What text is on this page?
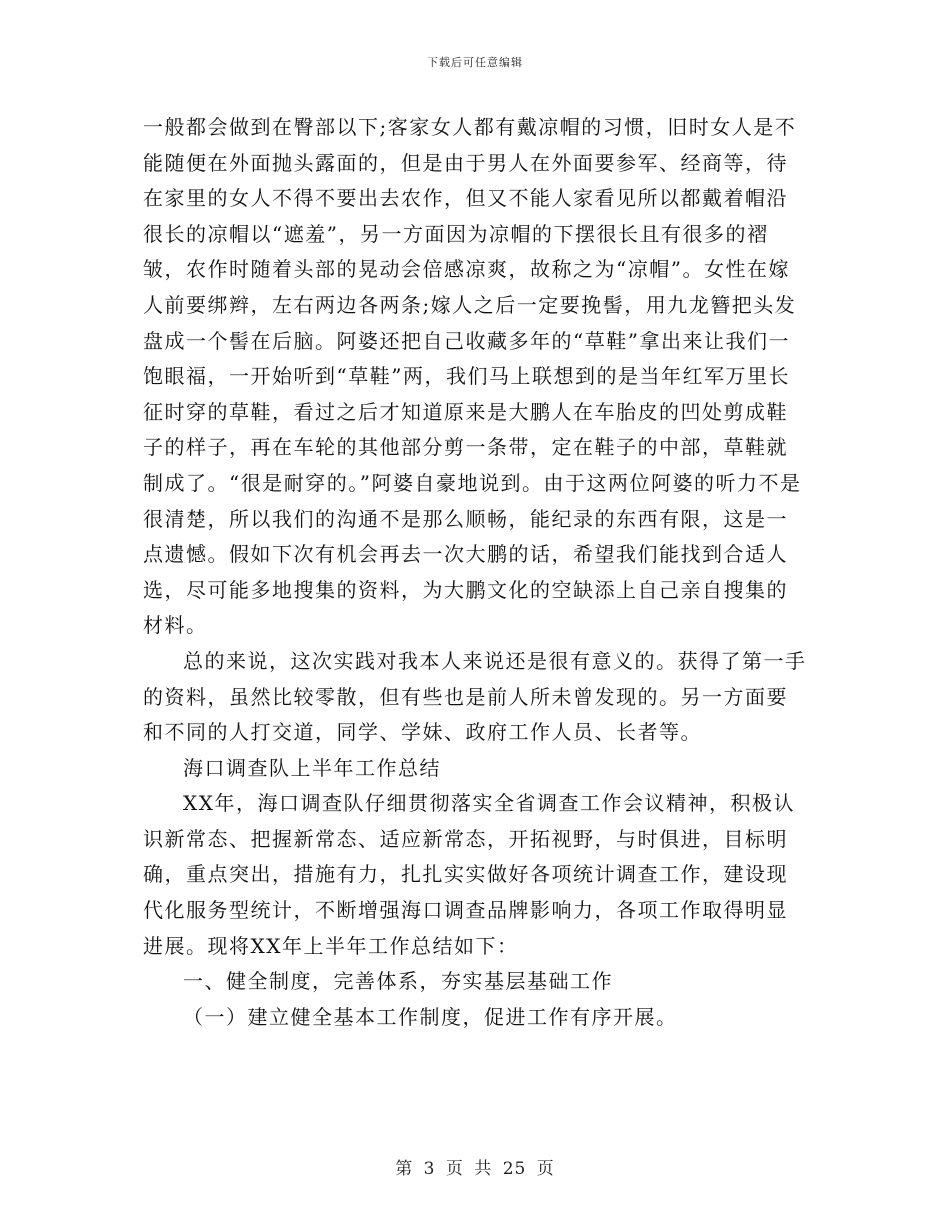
下载后可任意编辑

一般都会做到在臀部以下;客家女人都有戴凉帽的习惯，旧时女人是不能随便在外面抛头露面的，但是由于男人在外面要参军、经商等，待在家里的女人不得不要出去农作，但又不能人家看见所以都戴着帽沿很长的凉帽以“遮羞”，另一方面因为凉帽的下摆很长且有很多的褶皱，农作时随着头部的晃动会倍感凉爽，故称之为“凉帽”。女性在嫁人前要绑辫，左右两边各两条;嫁人之后一定要挽髻，用九龙簪把头发盘成一个髻在后脑。阿婆还把自己收藏多年的“草鞋”拿出来让我们一饱眼福，一开始听到“草鞋”两，我们马上联想到的是当年红军万里长征时穿的草鞋，看过之后才知道原来是大鹏人在车胎皮的凹处剪成鞋子的样子，再在车轮的其他部分剪一条带，定在鞋子的中部，草鞋就制成了。“很是耐穿的。”阿婆自豪地说到。由于这两位阿婆的听力不是很清楚，所以我们的沟通不是那么顺畅，能纪录的东西有限，这是一点遗憾。假如下次有机会再去一次大鹏的话，希望我们能找到合适人选，尽可能多地搜集的资料，为大鹏文化的空缺添上自己亲自搜集的材料。

总的来说，这次实践对我本人来说还是很有意义的。获得了第一手的资料，虽然比较零散，但有些也是前人所未曾发现的。另一方面要和不同的人打交道，同学、学妹、政府工作人员、长者等。

海口调查队上半年工作总结

XX年，海口调查队仔细贯彻落实全省调查工作会议精神，积极认识新常态、把握新常态、适应新常态，开拓视野，与时俱进，目标明确，重点突出，措施有力，扎扎实实做好各项统计调查工作，建设现代化服务型统计，不断增强海口调查品牌影响力，各项工作取得明显进展。现将XX年上半年工作总结如下：

一、健全制度，完善体系，夯实基层基础工作

（一）建立健全基本工作制度，促进工作有序开展。

第 3 页 共 25 页
